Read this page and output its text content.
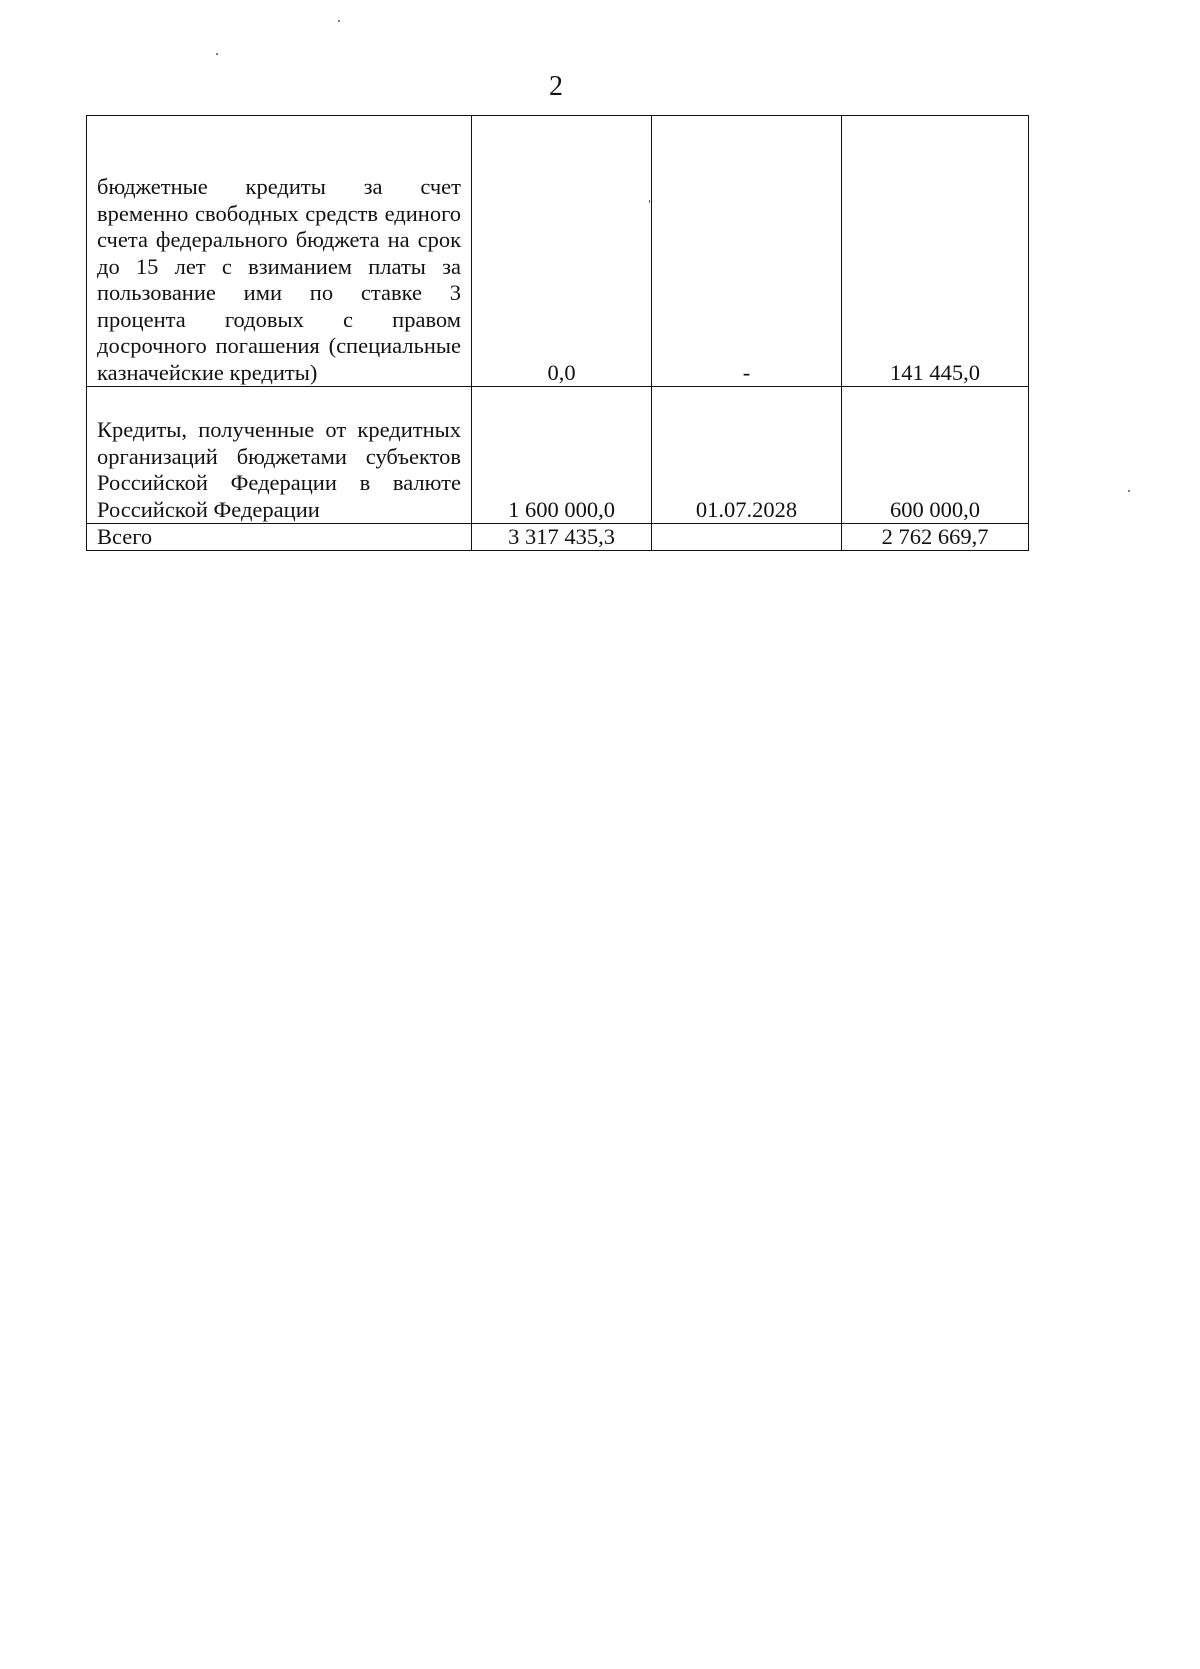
2
бюджетные кредиты за счет временно свободных средств единого счета федерального бюджета на срок до 15 лет с взиманием платы за пользование ими по ставке 3 процента годовых с правом досрочного погашения (специальные казначейские кредиты)	0,0	-	141 445,0
Кредиты, полученные от кредитных организаций бюджетами субъектов Российской Федерации в валюте Российской Федерации	1 600 000,0	01.07.2028	600 000,0
Всего	3 317 435,3		2 762 669,7
